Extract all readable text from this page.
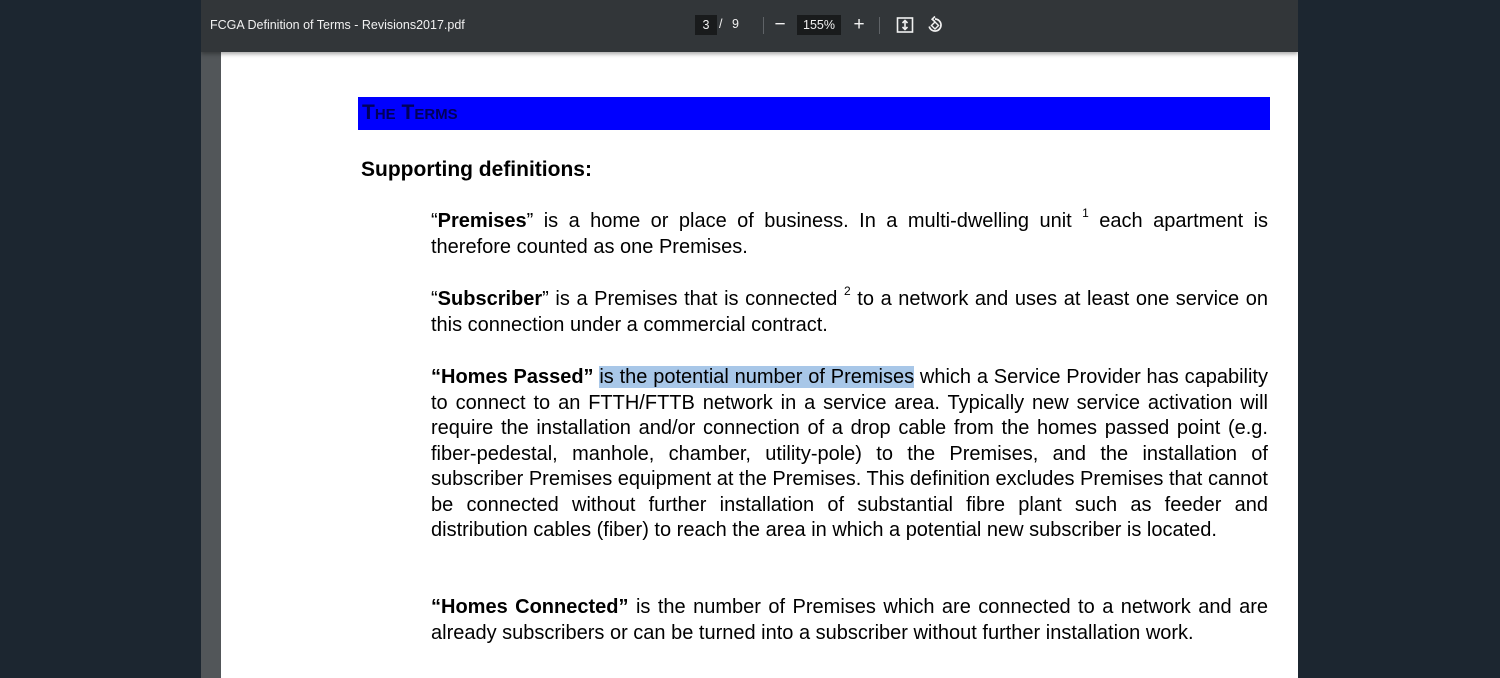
FCGA Definition of Terms - Revisions2017.pdf	3 / 9	−	155% +
The Terms
Supporting definitions:
“Premises” is a home or place of business. In a multi-dwelling unit $^1$ each apartment is therefore counted as one Premises.
“Subscriber” is a Premises that is connected $^2$ to a network and uses at least one service on this connection under a commercial contract.
“Homes Passed” is the potential number of Premises which a Service Provider has capability to connect to an FTTH/FTTB network in a service area. Typically new service activation will require the installation and/or connection of a drop cable from the homes passed point (e.g. fiber-pedestal, manhole, chamber, utility-pole) to the Premises, and the installation of subscriber Premises equipment at the Premises. This definition excludes Premises that cannot be connected without further installation of substantial fibre plant such as feeder and distribution cables (fiber) to reach the area in which a potential new subscriber is located.
“Homes Connected” is the number of Premises which are connected to a network and are already subscribers or can be turned into a subscriber without further installation work.
